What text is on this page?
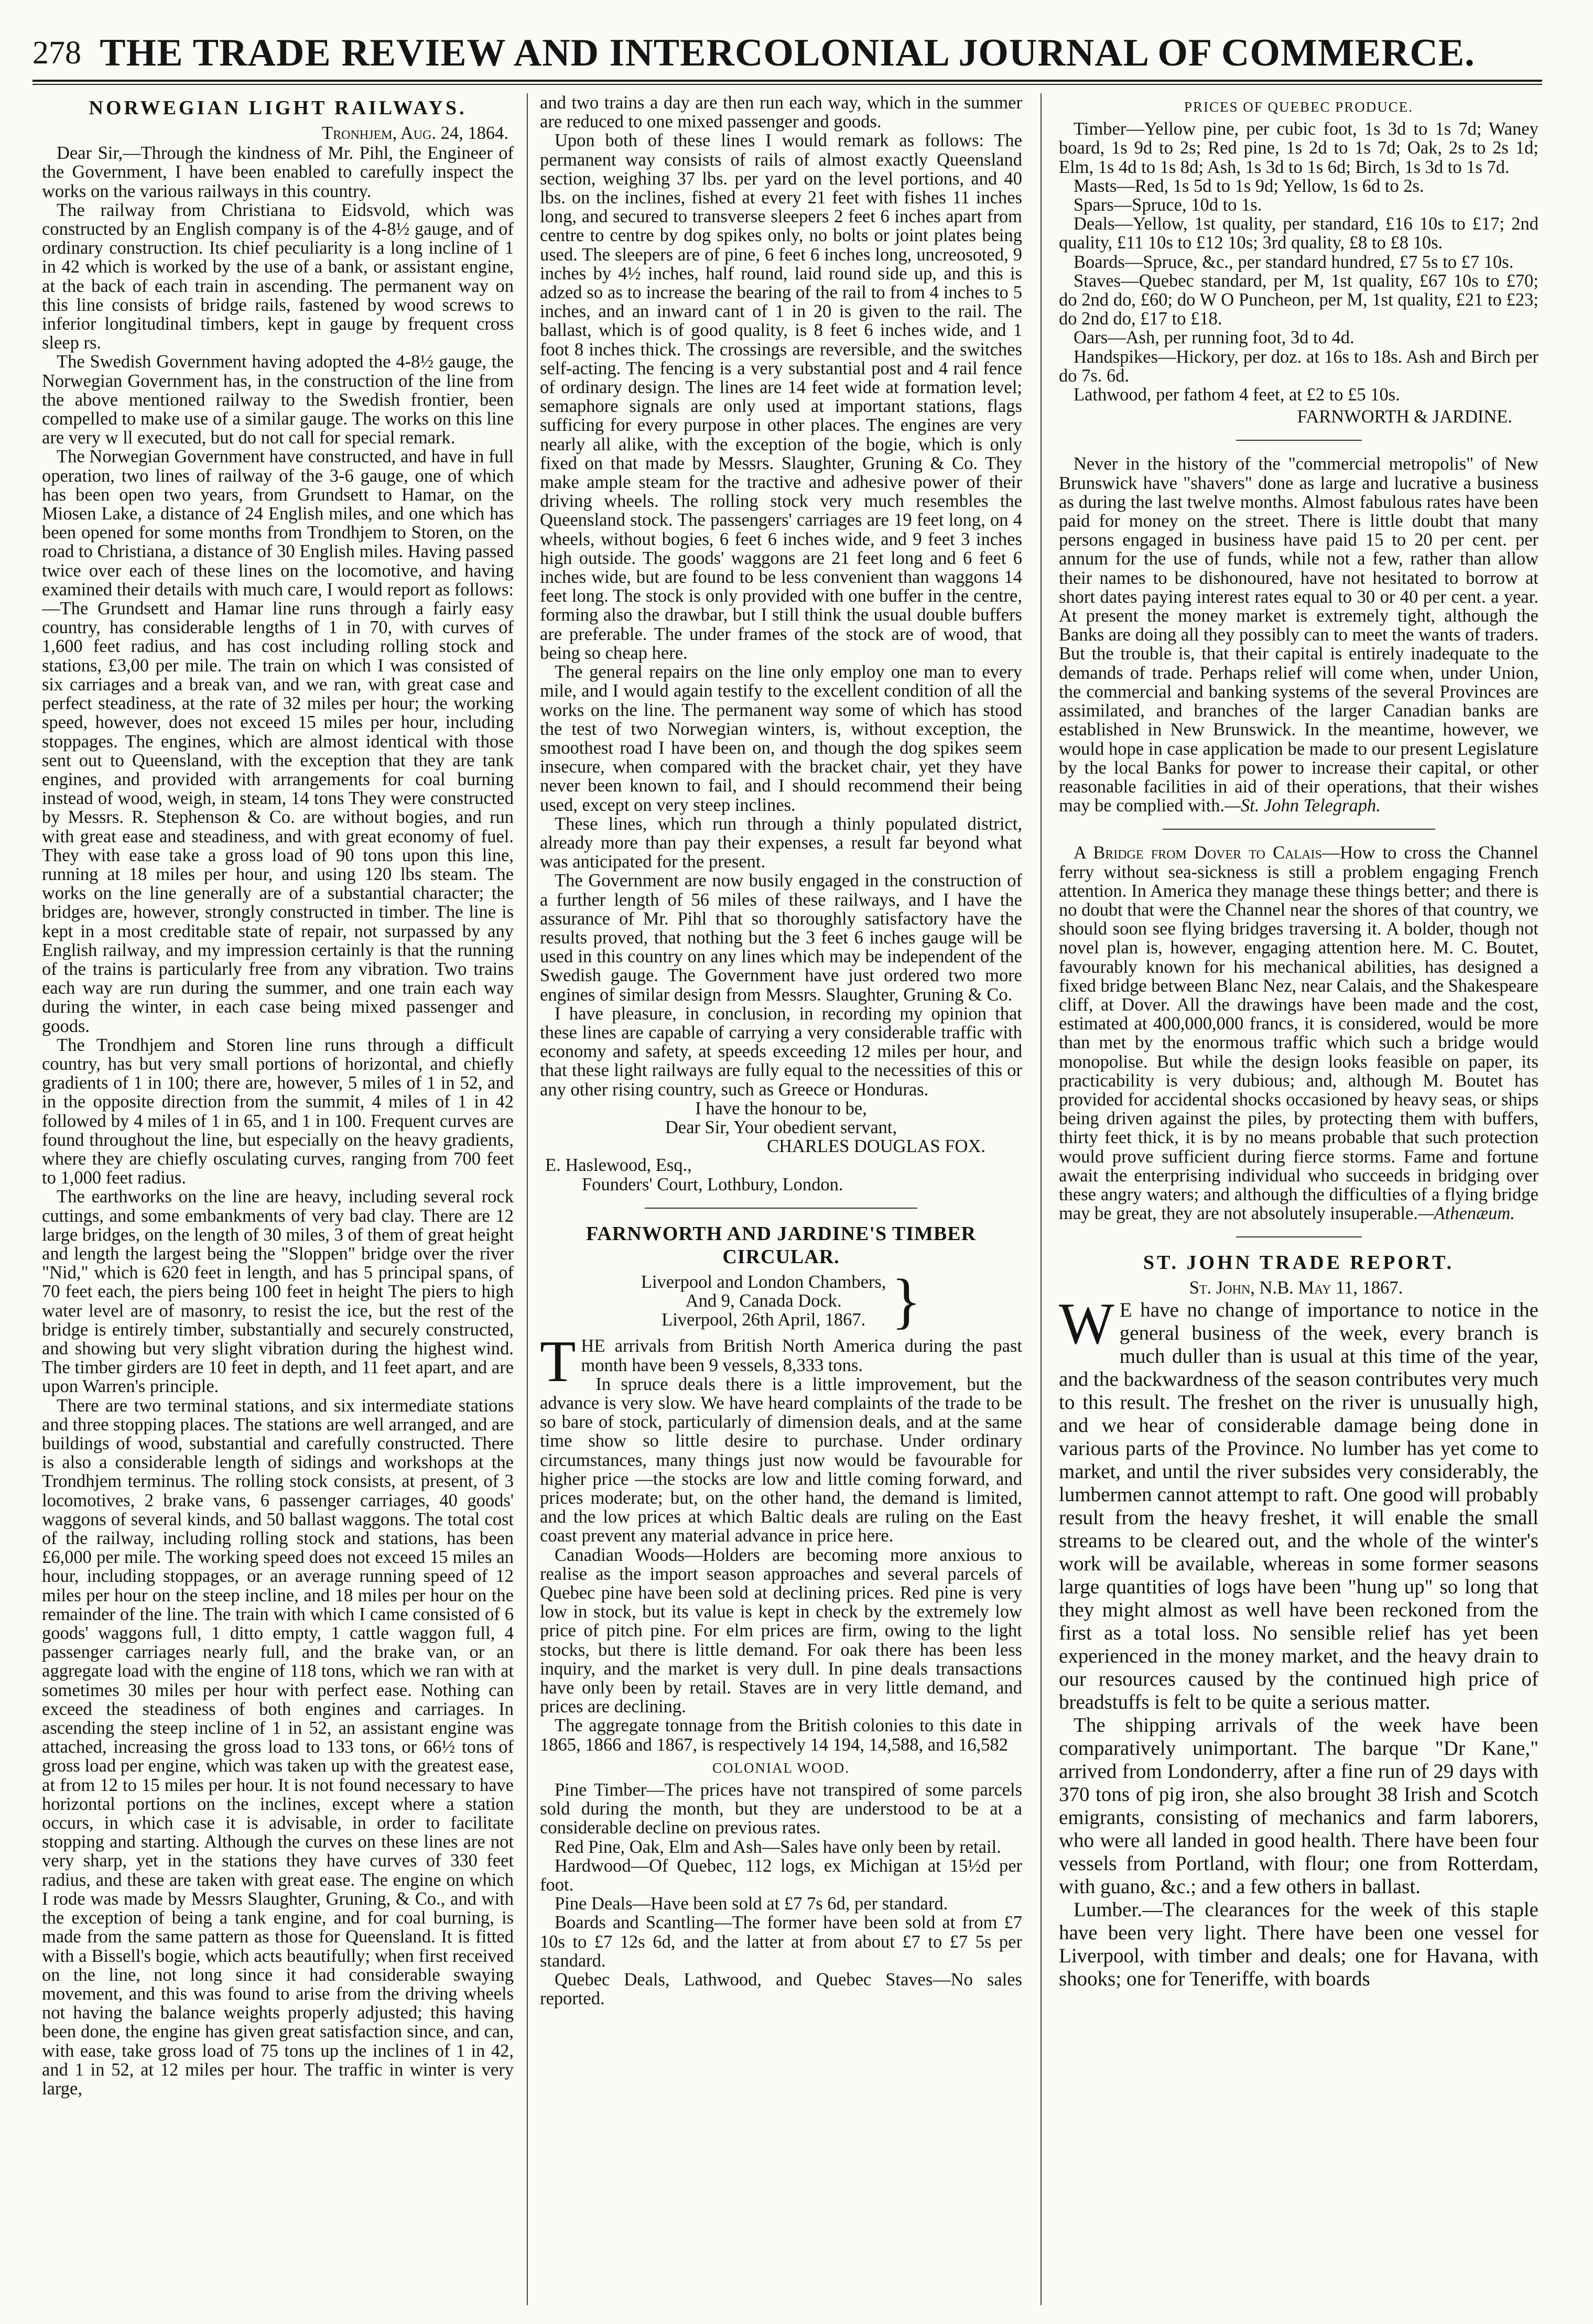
278 THE TRADE REVIEW AND INTERCOLONIAL JOURNAL OF COMMERCE.
NORWEGIAN LIGHT RAILWAYS.

Tronhjem, Aug. 24, 1864.

Dear Sir,—Through the kindness of Mr. Pihl, the Engineer of the Government, I have been enabled to carefully inspect the works on the various railways in this country.

The railway from Christiana to Eidsvold, which was constructed by an English company is of the 4-8½ gauge, and of ordinary construction. Its chief peculiarity is a long incline of 1 in 42 which is worked by the use of a bank, or assistant engine, at the back of each train in ascending. The permanent way on this line consists of bridge rails, fastened by wood screws to inferior longitudinal timbers, kept in gauge by frequent cross sleep rs.

The Swedish Government having adopted the 4-8½ gauge, the Norwegian Government has, in the construction of the line from the above mentioned railway to the Swedish frontier, been compelled to make use of a similar gauge. The works on this line are very w ll executed, but do not call for special remark.

The Norwegian Government have constructed, and have in full operation, two lines of railway of the 3-6 gauge, one of which has been open two years, from Grundsett to Hamar, on the Miosen Lake, a distance of 24 English miles, and one which has been opened for some months from Trondhjem to Storen, on the road to Christiana, a distance of 30 English miles. Having passed twice over each of these lines on the locomotive, and having examined their details with much care, I would report as follows:—The Grundsett and Hamar line runs through a fairly easy country, has considerable lengths of 1 in 70, with curves of 1,600 feet radius, and has cost including rolling stock and stations, £3,00 per mile. The train on which I was consisted of six carriages and a break van, and we ran, with great case and perfect steadiness, at the rate of 32 miles per hour; the working speed, however, does not exceed 15 miles per hour, including stoppages. The engines, which are almost identical with those sent out to Queensland, with the exception that they are tank engines, and provided with arrangements for coal burning instead of wood, weigh, in steam, 14 tons They were constructed by Messrs. R. Stephenson & Co. are without bogies, and run with great ease and steadiness, and with great economy of fuel. They with ease take a gross load of 90 tons upon this line, running at 18 miles per hour, and using 120 lbs steam. The works on the line generally are of a substantial character; the bridges are, however, strongly constructed in timber. The line is kept in a most creditable state of repair, not surpassed by any English railway, and my impression certainly is that the running of the trains is particularly free from any vibration. Two trains each way are run during the summer, and one train each way during the winter, in each case being mixed passenger and goods.

The Trondhjem and Storen line runs through a difficult country, has but very small portions of horizontal, and chiefly gradients of 1 in 100; there are, however, 5 miles of 1 in 52, and in the opposite direction from the summit, 4 miles of 1 in 42 followed by 4 miles of 1 in 65, and 1 in 100. Frequent curves are found throughout the line, but especially on the heavy gradients, where they are chiefly osculating curves, ranging from 700 feet to 1,000 feet radius.

The earthworks on the line are heavy, including several rock cuttings, and some embankments of very bad clay. There are 12 large bridges, on the length of 30 miles, 3 of them of great height and length the largest being the "Sloppen" bridge over the river "Nid," which is 620 feet in length, and has 5 principal spans, of 70 feet each, the piers being 100 feet in height The piers to high water level are of masonry, to resist the ice, but the rest of the bridge is entirely timber, substantially and securely constructed, and showing but very slight vibration during the highest wind. The timber girders are 10 feet in depth, and 11 feet apart, and are upon Warren's principle.

There are two terminal stations, and six intermediate stations and three stopping places. The stations are well arranged, and are buildings of wood, substantial and carefully constructed. There is also a considerable length of sidings and workshops at the Trondhjem terminus. The rolling stock consists, at present, of 3 locomotives, 2 brake vans, 6 passenger carriages, 40 goods' waggons of several kinds, and 50 ballast waggons. The total cost of the railway, including rolling stock and stations, has been £6,000 per mile. The working speed does not exceed 15 miles an hour, including stoppages, or an average running speed of 12 miles per hour on the steep incline, and 18 miles per hour on the remainder of the line. The train with which I came consisted of 6 goods' waggons full, 1 ditto empty, 1 cattle waggon full, 4 passenger carriages nearly full, and the brake van, or an aggregate load with the engine of 118 tons, which we ran with at sometimes 30 miles per hour with perfect ease. Nothing can exceed the steadiness of both engines and carriages. In ascending the steep incline of 1 in 52, an assistant engine was attached, increasing the gross load to 133 tons, or 66½ tons of gross load per engine, which was taken up with the greatest ease, at from 12 to 15 miles per hour. It is not found necessary to have horizontal portions on the inclines, except where a station occurs, in which case it is advisable, in order to facilitate stopping and starting. Although the curves on these lines are not very sharp, yet in the stations they have curves of 330 feet radius, and these are taken with great ease. The engine on which I rode was made by Messrs Slaughter, Gruning, & Co., and with the exception of being a tank engine, and for coal burning, is made from the same pattern as those for Queensland. It is fitted with a Bissell's bogie, which acts beautifully; when first received on the line, not long since it had considerable swaying movement, and this was found to arise from the driving wheels not having the balance weights properly adjusted; this having been done, the engine has given great satisfaction since, and can, with ease, take gross load of 75 tons up the inclines of 1 in 42, and 1 in 52, at 12 miles per hour. The traffic in winter is very large,

and two trains a day are then run each way, which in the summer are reduced to one mixed passenger and goods.

Upon both of these lines I would remark as follows: The permanent way consists of rails of almost exactly Queensland section, weighing 37 lbs. per yard on the level portions, and 40 lbs. on the inclines, fished at every 21 feet with fishes 11 inches long, and secured to transverse sleepers 2 feet 6 inches apart from centre to centre by dog spikes only, no bolts or joint plates being used. The sleepers are of pine, 6 feet 6 inches long, uncreosoted, 9 inches by 4½ inches, half round, laid round side up, and this is adzed so as to increase the bearing of the rail to from 4 inches to 5 inches, and an inward cant of 1 in 20 is given to the rail. The ballast, which is of good quality, is 8 feet 6 inches wide, and 1 foot 8 inches thick. The crossings are reversible, and the switches self-acting. The fencing is a very substantial post and 4 rail fence of ordinary design. The lines are 14 feet wide at formation level; semaphore signals are only used at important stations, flags sufficing for every purpose in other places. The engines are very nearly all alike, with the exception of the bogie, which is only fixed on that made by Messrs. Slaughter, Gruning & Co. They make ample steam for the tractive and adhesive power of their driving wheels. The rolling stock very much resembles the Queensland stock. The passengers' carriages are 19 feet long, on 4 wheels, without bogies, 6 feet 6 inches wide, and 9 feet 3 inches high outside. The goods' waggons are 21 feet long and 6 feet 6 inches wide, but are found to be less convenient than waggons 14 feet long. The stock is only provided with one buffer in the centre, forming also the drawbar, but I still think the usual double buffers are preferable. The under frames of the stock are of wood, that being so cheap here.

The general repairs on the line only employ one man to every mile, and I would again testify to the excellent condition of all the works on the line. The permanent way some of which has stood the test of two Norwegian winters, is, without exception, the smoothest road I have been on, and though the dog spikes seem insecure, when compared with the bracket chair, yet they have never been known to fail, and I should recommend their being used, except on very steep inclines.

These lines, which run through a thinly populated district, already more than pay their expenses, a result far beyond what was anticipated for the present.

The Government are now busily engaged in the construction of a further length of 56 miles of these railways, and I have the assurance of Mr. Pihl that so thoroughly satisfactory have the results proved, that nothing but the 3 feet 6 inches gauge will be used in this country on any lines which may be independent of the Swedish gauge. The Government have just ordered two more engines of similar design from Messrs. Slaughter, Gruning & Co.

I have pleasure, in conclusion, in recording my opinion that these lines are capable of carrying a very considerable traffic with economy and safety, at speeds exceeding 12 miles per hour, and that these light railways are fully equal to the necessities of this or any other rising country, such as Greece or Honduras.

I have the honour to be,

Dear Sir, Your obedient servant,

CHARLES DOUGLAS FOX.

E. Haslewood, Esq.,

Founders' Court, Lothbury, London.

FARNWORTH AND JARDINE'S TIMBER CIRCULAR.
Liverpool and London Chambers,
And 9, Canada Dock.
Liverpool, 26th April, 1867. }

THE arrivals from British North America during the past month have been 9 vessels, 8,333 tons.

In spruce deals there is a little improvement, but the advance is very slow. We have heard complaints of the trade to be so bare of stock, particularly of dimension deals, and at the same time show so little desire to purchase. Under ordinary circumstances, many things just now would be favourable for higher price —the stocks are low and little coming forward, and prices moderate; but, on the other hand, the demand is limited, and the low prices at which Baltic deals are ruling on the East coast prevent any material advance in price here.

Canadian Woods—Holders are becoming more anxious to realise as the import season approaches and several parcels of Quebec pine have been sold at declining prices. Red pine is very low in stock, but its value is kept in check by the extremely low price of pitch pine. For elm prices are firm, owing to the light stocks, but there is little demand. For oak there has been less inquiry, and the market is very dull. In pine deals transactions have only been by retail. Staves are in very little demand, and prices are declining.

The aggregate tonnage from the British colonies to this date in 1865, 1866 and 1867, is respectively 14 194, 14,588, and 16,582

COLONIAL WOOD.

Pine Timber—The prices have not transpired of some parcels sold during the month, but they are understood to be at a considerable decline on previous rates.

Red Pine, Oak, Elm and Ash—Sales have only been by retail.

Hardwood—Of Quebec, 112 logs, ex Michigan at 15½d per foot.

Pine Deals—Have been sold at £7 7s 6d, per standard.

Boards and Scantling—The former have been sold at from £7 10s to £7 12s 6d, and the latter at from about £7 to £7 5s per standard.

Quebec Deals, Lathwood, and Quebec Staves—No sales reported.

PRICES OF QUEBEC PRODUCE.

Timber—Yellow pine, per cubic foot, 1s 3d to 1s 7d; Waney board, 1s 9d to 2s; Red pine, 1s 2d to 1s 7d; Oak, 2s to 2s 1d; Elm, 1s 4d to 1s 8d; Ash, 1s 3d to 1s 6d; Birch, 1s 3d to 1s 7d.

Masts—Red, 1s 5d to 1s 9d; Yellow, 1s 6d to 2s.

Spars—Spruce, 10d to 1s.

Deals—Yellow, 1st quality, per standard, £16 10s to £17; 2nd quality, £11 10s to £12 10s; 3rd quality, £8 to £8 10s.

Boards—Spruce, &c., per standard hundred, £7 5s to £7 10s.

Staves—Quebec standard, per M, 1st quality, £67 10s to £70; do 2nd do, £60; do W O Puncheon, per M, 1st quality, £21 to £23; do 2nd do, £17 to £18.

Oars—Ash, per running foot, 3d to 4d.

Handspikes—Hickory, per doz. at 16s to 18s. Ash and Birch per do 7s. 6d.

Lathwood, per fathom 4 feet, at £2 to £5 10s.

FARNWORTH & JARDINE.

Never in the history of the "commercial metropolis" of New Brunswick have "shavers" done as large and lucrative a business as during the last twelve months. Almost fabulous rates have been paid for money on the street. There is little doubt that many persons engaged in business have paid 15 to 20 per cent. per annum for the use of funds, while not a few, rather than allow their names to be dishonoured, have not hesitated to borrow at short dates paying interest rates equal to 30 or 40 per cent. a year. At present the money market is extremely tight, although the Banks are doing all they possibly can to meet the wants of traders. But the trouble is, that their capital is entirely inadequate to the demands of trade. Perhaps relief will come when, under Union, the commercial and banking systems of the several Provinces are assimilated, and branches of the larger Canadian banks are established in New Brunswick. In the meantime, however, we would hope in case application be made to our present Legislature by the local Banks for power to increase their capital, or other reasonable facilities in aid of their operations, that their wishes may be complied with.—St. John Telegraph.

A Bridge from Dover to Calais—How to cross the Channel ferry without sea-sickness is still a problem engaging French attention. In America they manage these things better; and there is no doubt that were the Channel near the shores of that country, we should soon see flying bridges traversing it. A bolder, though not novel plan is, however, engaging attention here. M. C. Boutet, favourably known for his mechanical abilities, has designed a fixed bridge between Blanc Nez, near Calais, and the Shakespeare cliff, at Dover. All the drawings have been made and the cost, estimated at 400,000,000 francs, it is considered, would be more than met by the enormous traffic which such a bridge would monopolise. But while the design looks feasible on paper, its practicability is very dubious; and, although M. Boutet has provided for accidental shocks occasioned by heavy seas, or ships being driven against the piles, by protecting them with buffers, thirty feet thick, it is by no means probable that such protection would prove sufficient during fierce storms. Fame and fortune await the enterprising individual who succeeds in bridging over these angry waters; and although the difficulties of a flying bridge may be great, they are not absolutely insuperable.—Athenæum.

ST. JOHN TRADE REPORT.

St. John, N.B. May 11, 1867.

W E have no change of importance to notice in the general business of the week, every branch is much duller than is usual at this time of the year, and the backwardness of the season contributes very much to this result. The freshet on the river is unusually high, and we hear of considerable damage being done in various parts of the Province. No lumber has yet come to market, and until the river subsides very considerably, the lumbermen cannot attempt to raft. One good will probably result from the heavy freshet, it will enable the small streams to be cleared out, and the whole of the winter's work will be available, whereas in some former seasons large quantities of logs have been "hung up" so long that they might almost as well have been reckoned from the first as a total loss. No sensible relief has yet been experienced in the money market, and the heavy drain to our resources caused by the continued high price of breadstuffs is felt to be quite a serious matter.

The shipping arrivals of the week have been comparatively unimportant. The barque "Dr Kane," arrived from Londonderry, after a fine run of 29 days with 370 tons of pig iron, she also brought 38 Irish and Scotch emigrants, consisting of mechanics and farm laborers, who were all landed in good health. There have been four vessels from Portland, with flour; one from Rotterdam, with guano, &c.; and a few others in ballast.

Lumber.—The clearances for the week of this staple have been very light. There have been one vessel for Liverpool, with timber and deals; one for Havana, with shooks; one for Teneriffe, with boards
